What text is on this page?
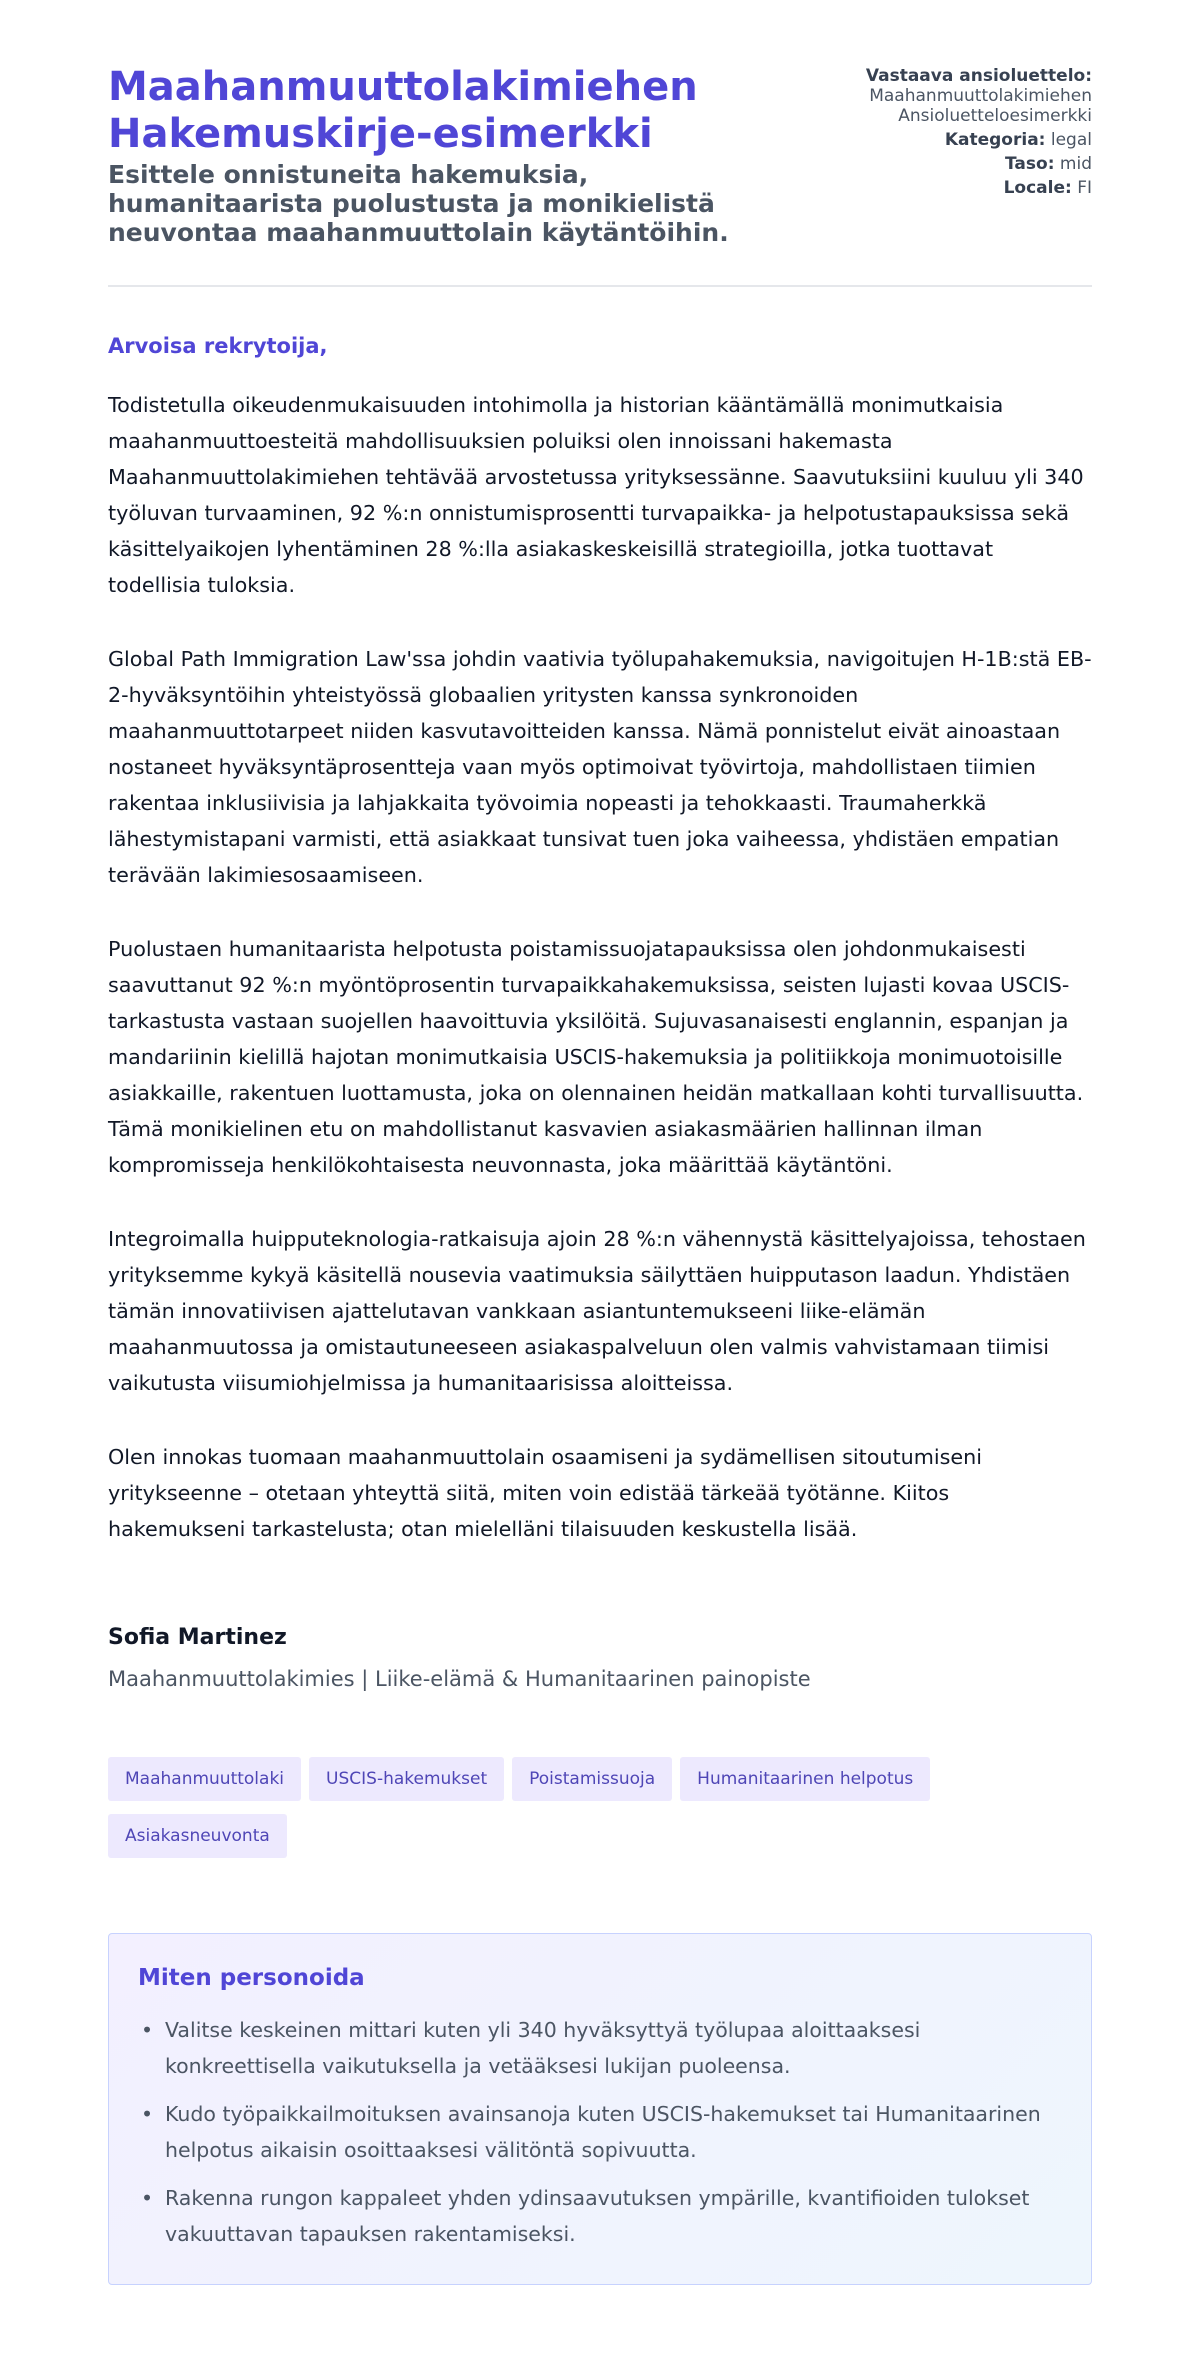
Maahanmuuttolakimiehen Hakemuskirje-esimerkki
Esittele onnistuneita hakemuksia, humanitaarista puolustusta ja monikielistä neuvontaa maahanmuuttolain käytäntöihin.
Vastaava ansioluettelo:
Maahanmuuttolakimiehen Ansioluetteloesimerkki
Kategoria: legal
Taso: mid
Locale: FI

Arvoisa rekrytoija,

Todistetulla oikeudenmukaisuuden intohimolla ja historian kääntämällä monimutkaisia maahanmuuttoesteitä mahdollisuuksien poluiksi olen innoissani hakemasta Maahanmuuttolakimiehen tehtävää arvostetussa yrityksessänne. Saavutuksiini kuuluu yli 340 työluvan turvaaminen, 92 %:n onnistumisprosentti turvapaikka- ja helpotustapauksissa sekä käsittelyaikojen lyhentäminen 28 %:lla asiakaskeskeisillä strategioilla, jotka tuottavat todellisia tuloksia.

Global Path Immigration Law'ssa johdin vaativia työlupahakemuksia, navigoitujen H-1B:stä EB-2-hyväksyntöihin yhteistyössä globaalien yritysten kanssa synkronoiden maahanmuuttotarpeet niiden kasvutavoitteiden kanssa. Nämä ponnistelut eivät ainoastaan nostaneet hyväksyntäprosentteja vaan myös optimoivat työvirtoja, mahdollistaen tiimien rakentaa inklusiivisia ja lahjakkaita työvoimia nopeasti ja tehokkaasti. Traumaherkkä lähestymistapani varmisti, että asiakkaat tunsivat tuen joka vaiheessa, yhdistäen empatian terävään lakimiesosaamiseen.

Puolustaen humanitaarista helpotusta poistamissuojatapauksissa olen johdonmukaisesti saavuttanut 92 %:n myöntöprosentin turvapaikkahakemuksissa, seisten lujasti kovaa USCIS-tarkastusta vastaan suojellen haavoittuvia yksilöitä. Sujuvasanaisesti englannin, espanjan ja mandariinin kielillä hajotan monimutkaisia USCIS-hakemuksia ja politiikkoja monimuotoisille asiakkaille, rakentuen luottamusta, joka on olennainen heidän matkallaan kohti turvallisuutta. Tämä monikielinen etu on mahdollistanut kasvavien asiakasmäärien hallinnan ilman kompromisseja henkilökohtaisesta neuvonnasta, joka määrittää käytäntöni.

Integroimalla huipputeknologia-ratkaisuja ajoin 28 %:n vähennystä käsittelyajoissa, tehostaen yrityksemme kykyä käsitellä nousevia vaatimuksia säilyttäen huipputason laadun. Yhdistäen tämän innovatiivisen ajattelutavan vankkaan asiantuntemukseeni liike-elämän maahanmuutossa ja omistautuneeseen asiakaspalveluun olen valmis vahvistamaan tiimisi vaikutusta viisumiohjelmissa ja humanitaarisissa aloitteissa.

Olen innokas tuomaan maahanmuuttolain osaamiseni ja sydämellisen sitoutumiseni yritykseenne – otetaan yhteyttä siitä, miten voin edistää tärkeää työtänne. Kiitos hakemukseni tarkastelusta; otan mielelläni tilaisuuden keskustella lisää.

Sofia Martinez

Maahanmuuttolakimies | Liike-elämä & Humanitaarinen painopiste

Maahanmuuttolaki USCIS-hakemukset Poistamissuoja Humanitaarinen helpotusAsiakasneuvonta
Miten personoida
• Valitse keskeinen mittari kuten yli 340 hyväksyttyä työlupaa aloittaaksesi konkreettisella vaikutuksella ja vetääksesi lukijan puoleensa.
• Kudo työpaikkailmoituksen avainsanoja kuten USCIS-hakemukset tai Humanitaarinen helpotus aikaisin osoittaaksesi välitöntä sopivuutta.
• Rakenna rungon kappaleet yhden ydinsaavutuksen ympärille, kvantifioiden tulokset vakuuttavan tapauksen rakentamiseksi.
